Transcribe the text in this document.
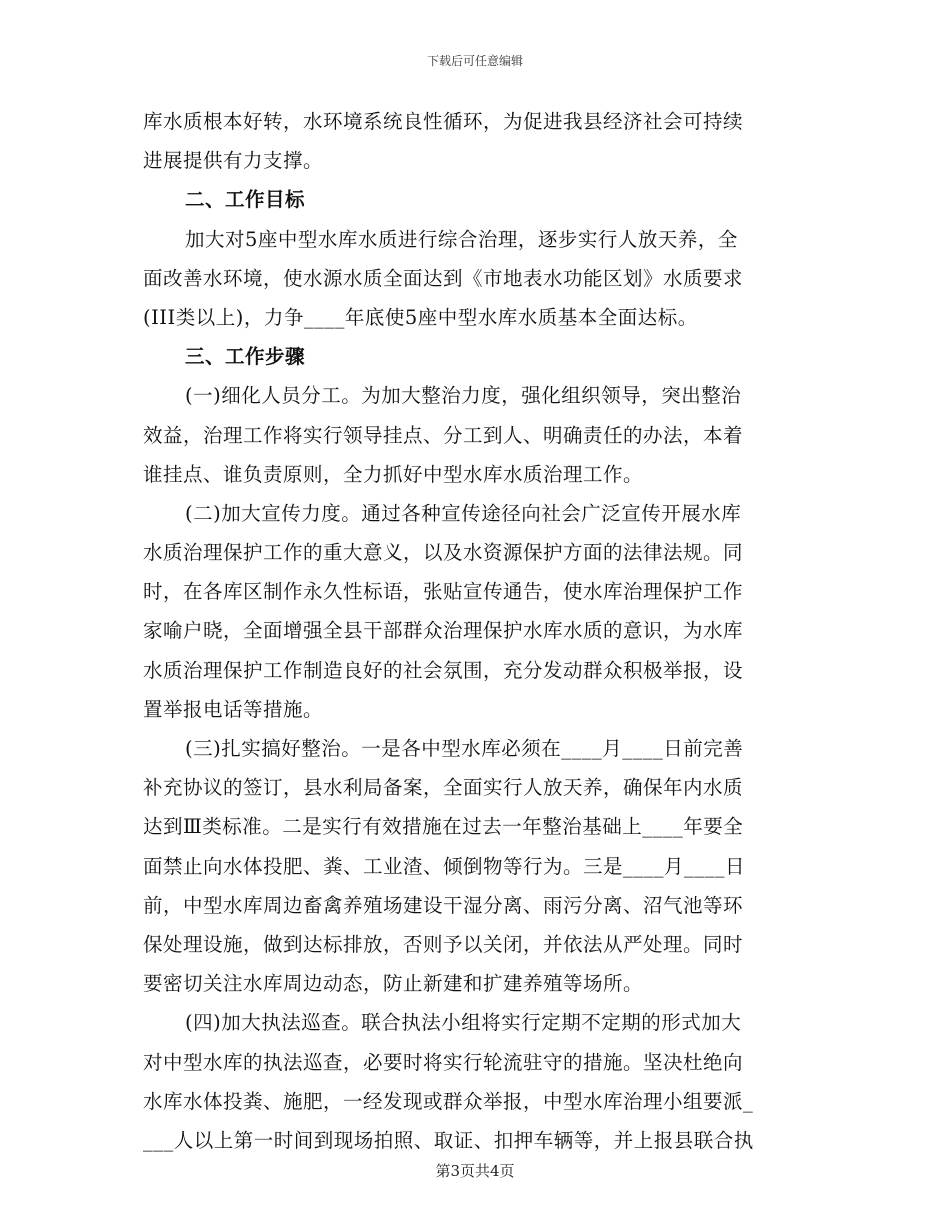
下载后可任意编辑
库水质根本好转，水环境系统良性循环，为促进我县经济社会可持续
进展提供有力支撑。
二、工作目标
加大对5座中型水库水质进行综合治理，逐步实行人放天养，全
面改善水环境，使水源水质全面达到《市地表水功能区划》水质要求
(III类以上)，力争____年底使5座中型水库水质基本全面达标。
三、工作步骤
(一)细化人员分工。为加大整治力度，强化组织领导，突出整治
效益，治理工作将实行领导挂点、分工到人、明确责任的办法，本着
谁挂点、谁负责原则，全力抓好中型水库水质治理工作。
(二)加大宣传力度。通过各种宣传途径向社会广泛宣传开展水库
水质治理保护工作的重大意义，以及水资源保护方面的法律法规。同
时，在各库区制作永久性标语，张贴宣传通告，使水库治理保护工作
家喻户晓，全面增强全县干部群众治理保护水库水质的意识，为水库
水质治理保护工作制造良好的社会氛围，充分发动群众积极举报，设
置举报电话等措施。
(三)扎实搞好整治。一是各中型水库必须在____月____日前完善
补充协议的签订，县水利局备案，全面实行人放天养，确保年内水质
达到Ⅲ类标准。二是实行有效措施在过去一年整治基础上____年要全
面禁止向水体投肥、粪、工业渣、倾倒物等行为。三是____月____日
前，中型水库周边畜禽养殖场建设干湿分离、雨污分离、沼气池等环
保处理设施，做到达标排放，否则予以关闭，并依法从严处理。同时
要密切关注水库周边动态，防止新建和扩建养殖等场所。
(四)加大执法巡查。联合执法小组将实行定期不定期的形式加大
对中型水库的执法巡查，必要时将实行轮流驻守的措施。坚决杜绝向
水库水体投粪、施肥，一经发现或群众举报，中型水库治理小组要派_
___人以上第一时间到现场拍照、取证、扣押车辆等，并上报县联合执
第3页共4页
